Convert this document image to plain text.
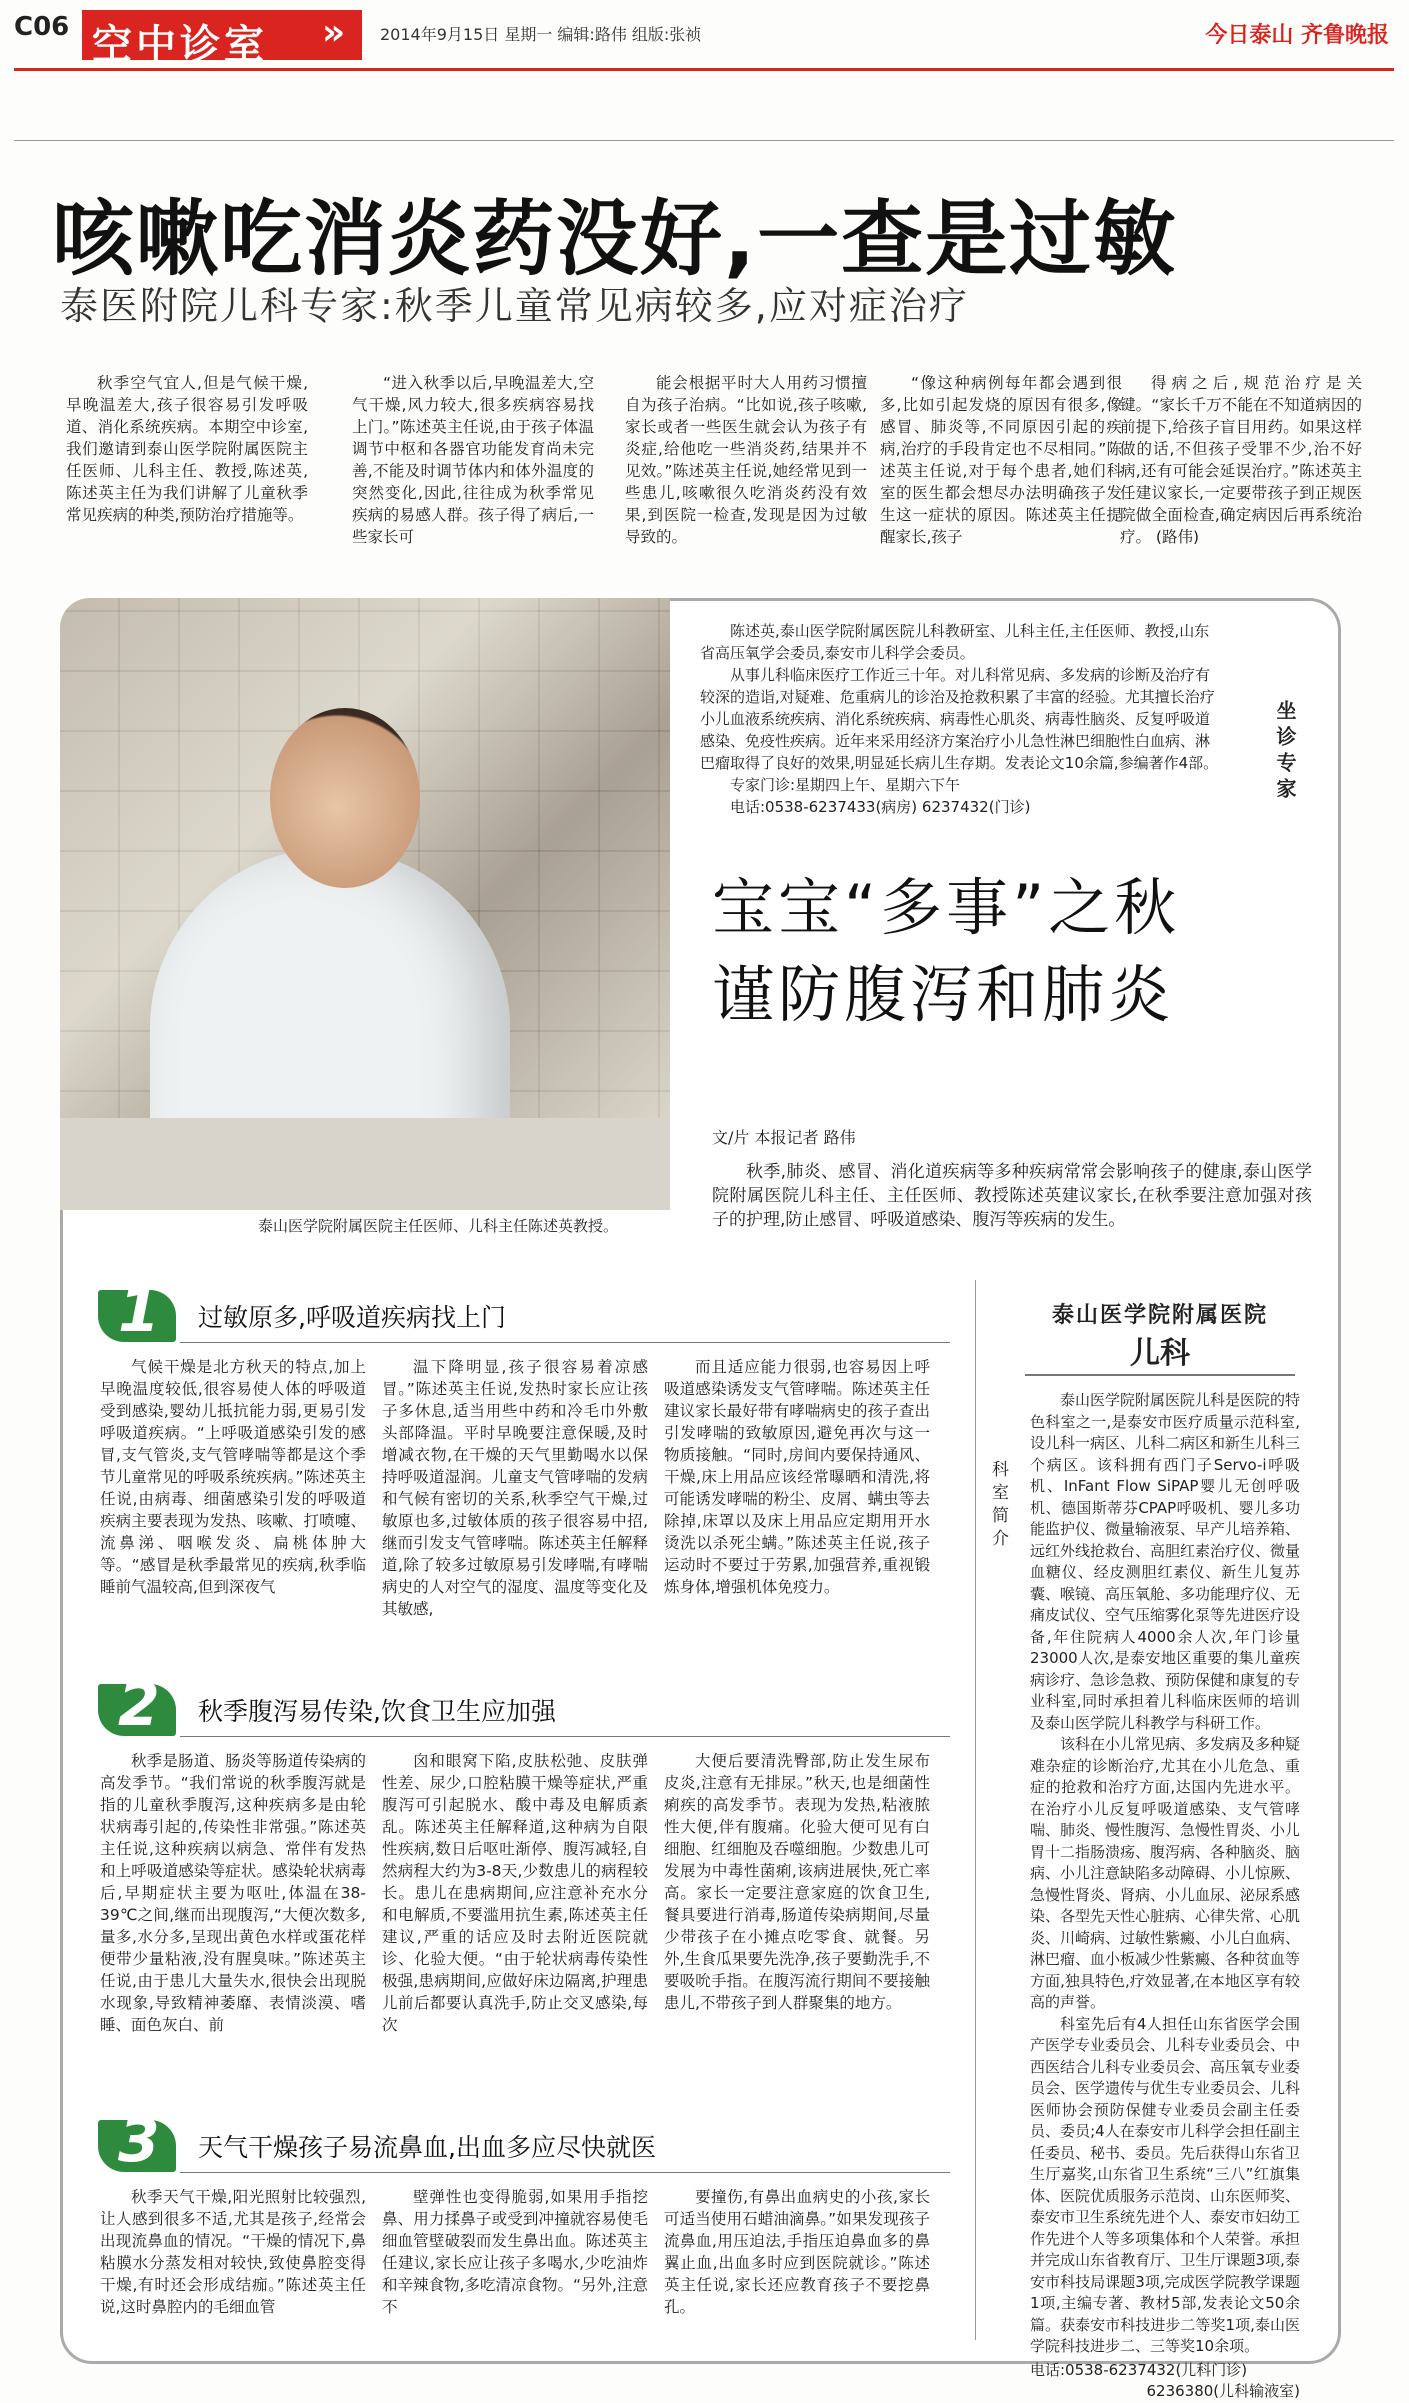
C06 空中诊室 » 2014年9月15日 星期一 编辑:路伟 组版:张祯	今日泰山 齐鲁晚报
咳嗽吃消炎药没好,一查是过敏
泰医附院儿科专家:秋季儿童常见病较多,应对症治疗

秋季空气宜人,但是气候干燥,早晚温差大,孩子很容易引发呼吸道、消化系统疾病。本期空中诊室,我们邀请到泰山医学院附属医院主任医师、儿科主任、教授,陈述英,陈述英主任为我们讲解了儿童秋季常见疾病的种类,预防治疗措施等。

“进入秋季以后,早晚温差大,空气干燥,风力较大,很多疾病容易找上门。”陈述英主任说,由于孩子体温调节中枢和各器官功能发育尚未完善,不能及时调节体内和体外温度的突然变化,因此,往往成为秋季常见疾病的易感人群。孩子得了病后,一些家长可

能会根据平时大人用药习惯擅自为孩子治病。“比如说,孩子咳嗽,家长或者一些医生就会认为孩子有炎症,给他吃一些消炎药,结果并不见效。”陈述英主任说,她经常见到一些患儿,咳嗽很久吃消炎药没有效果,到医院一检查,发现是因为过敏导致的。

“像这种病例每年都会遇到很多,比如引起发烧的原因有很多,像感冒、肺炎等,不同原因引起的疾病,治疗的手段肯定也不尽相同。”陈述英主任说,对于每个患者,她们科室的医生都会想尽办法明确孩子发生这一症状的原因。陈述英主任提醒家长,孩子

得病之后,规范治疗是关键。“家长千万不能在不知道病因的前提下,给孩子盲目用药。如果这样做的话,不但孩子受罪不少,治不好病,还有可能会延误治疗。”陈述英主任建议家长,一定要带孩子到正规医院做全面检查,确定病因后再系统治疗。 (路伟)

泰山医学院附属医院主任医师、儿科主任陈述英教授。

陈述英,泰山医学院附属医院儿科教研室、儿科主任,主任医师、教授,山东省高压氧学会委员,泰安市儿科学会委员。

从事儿科临床医疗工作近三十年。对儿科常见病、多发病的诊断及治疗有较深的造诣,对疑难、危重病儿的诊治及抢救积累了丰富的经验。尤其擅长治疗小儿血液系统疾病、消化系统疾病、病毒性心肌炎、病毒性脑炎、反复呼吸道感染、免疫性疾病。近年来采用经济方案治疗小儿急性淋巴细胞性白血病、淋巴瘤取得了良好的效果,明显延长病儿生存期。发表论文10余篇,参编著作4部。

专家门诊:星期四上午、星期六下午

电话:0538-6237433(病房) 6237432(门诊)

坐诊专家
宝宝“多事”之秋
谨防腹泻和肺炎
文/片 本报记者 路伟
秋季,肺炎、感冒、消化道疾病等多种疾病常常会影响孩子的健康,泰山医学院附属医院儿科主任、主任医师、教授陈述英建议家长,在秋季要注意加强对孩子的护理,防止感冒、呼吸道感染、腹泻等疾病的发生。
1 过敏原多,呼吸道疾病找上门

气候干燥是北方秋天的特点,加上早晚温度较低,很容易使人体的呼吸道受到感染,婴幼儿抵抗能力弱,更易引发呼吸道疾病。“上呼吸道感染引发的感冒,支气管炎,支气管哮喘等都是这个季节儿童常见的呼吸系统疾病。”陈述英主任说,由病毒、细菌感染引发的呼吸道疾病主要表现为发热、咳嗽、打喷嚏、流鼻涕、咽喉发炎、扁桃体肿大等。“感冒是秋季最常见的疾病,秋季临睡前气温较高,但到深夜气

温下降明显,孩子很容易着凉感冒。”陈述英主任说,发热时家长应让孩子多休息,适当用些中药和冷毛巾外敷头部降温。平时早晚要注意保暖,及时增减衣物,在干燥的天气里勤喝水以保持呼吸道湿润。儿童支气管哮喘的发病和气候有密切的关系,秋季空气干燥,过敏原也多,过敏体质的孩子很容易中招,继而引发支气管哮喘。陈述英主任解释道,除了较多过敏原易引发哮喘,有哮喘病史的人对空气的湿度、温度等变化及其敏感,

而且适应能力很弱,也容易因上呼吸道感染诱发支气管哮喘。陈述英主任建议家长最好带有哮喘病史的孩子查出引发哮喘的致敏原因,避免再次与这一物质接触。“同时,房间内要保持通风、干燥,床上用品应该经常曝晒和清洗,将可能诱发哮喘的粉尘、皮屑、螨虫等去除掉,床罩以及床上用品应定期用开水烫洗以杀死尘螨。”陈述英主任说,孩子运动时不要过于劳累,加强营养,重视锻炼身体,增强机体免疫力。

2 秋季腹泻易传染,饮食卫生应加强

秋季是肠道、肠炎等肠道传染病的高发季节。“我们常说的秋季腹泻就是指的儿童秋季腹泻,这种疾病多是由轮状病毒引起的,传染性非常强。”陈述英主任说,这种疾病以病急、常伴有发热和上呼吸道感染等症状。感染轮状病毒后,早期症状主要为呕吐,体温在38-39℃之间,继而出现腹泻,“大便次数多,量多,水分多,呈现出黄色水样或蛋花样便带少量粘液,没有腥臭味。”陈述英主任说,由于患儿大量失水,很快会出现脱水现象,导致精神萎靡、表情淡漠、嗜睡、面色灰白、前

囟和眼窝下陷,皮肤松弛、皮肤弹性差、尿少,口腔粘膜干燥等症状,严重腹泻可引起脱水、酸中毒及电解质紊乱。陈述英主任解释道,这种病为自限性疾病,数日后呕吐渐停、腹泻减轻,自然病程大约为3-8天,少数患儿的病程较长。患儿在患病期间,应注意补充水分和电解质,不要滥用抗生素,陈述英主任建议,严重的话应及时去附近医院就诊、化验大便。“由于轮状病毒传染性极强,患病期间,应做好床边隔离,护理患儿前后都要认真洗手,防止交叉感染,每次

大便后要清洗臀部,防止发生尿布皮炎,注意有无排尿。”秋天,也是细菌性痢疾的高发季节。表现为发热,粘液脓性大便,伴有腹痛。化验大便可见有白细胞、红细胞及吞噬细胞。少数患儿可发展为中毒性菌痢,该病进展快,死亡率高。家长一定要注意家庭的饮食卫生,餐具要进行消毒,肠道传染病期间,尽量少带孩子在小摊点吃零食、就餐。另外,生食瓜果要先洗净,孩子要勤洗手,不要吸吮手指。在腹泻流行期间不要接触患儿,不带孩子到人群聚集的地方。

3 天气干燥孩子易流鼻血,出血多应尽快就医

秋季天气干燥,阳光照射比较强烈,让人感到很多不适,尤其是孩子,经常会出现流鼻血的情况。“干燥的情况下,鼻粘膜水分蒸发相对较快,致使鼻腔变得干燥,有时还会形成结痂。”陈述英主任说,这时鼻腔内的毛细血管

壁弹性也变得脆弱,如果用手指挖鼻、用力揉鼻子或受到冲撞就容易使毛细血管壁破裂而发生鼻出血。陈述英主任建议,家长应让孩子多喝水,少吃油炸和辛辣食物,多吃清凉食物。“另外,注意不

要撞伤,有鼻出血病史的小孩,家长可适当使用石蜡油滴鼻。”如果发现孩子流鼻血,用压迫法,手指压迫鼻血多的鼻翼止血,出血多时应到医院就诊。”陈述英主任说,家长还应教育孩子不要挖鼻孔。

泰山医学院附属医院
儿科
科室简介

泰山医学院附属医院儿科是医院的特色科室之一,是泰安市医疗质量示范科室,设儿科一病区、儿科二病区和新生儿科三个病区。该科拥有西门子Servo-i呼吸机、InFant Flow SiPAP婴儿无创呼吸机、德国斯蒂芬CPAP呼吸机、婴儿多功能监护仪、微量输液泵、早产儿培养箱、远红外线抢救台、高胆红素治疗仪、微量血糖仪、经皮测胆红素仪、新生儿复苏囊、喉镜、高压氧舱、多功能理疗仪、无痛皮试仪、空气压缩雾化泵等先进医疗设备,年住院病人4000余人次,年门诊量23000人次,是泰安地区重要的集儿童疾病诊疗、急诊急救、预防保健和康复的专业科室,同时承担着儿科临床医师的培训及泰山医学院儿科教学与科研工作。

该科在小儿常见病、多发病及多种疑难杂症的诊断治疗,尤其在小儿危急、重症的抢救和治疗方面,达国内先进水平。在治疗小儿反复呼吸道感染、支气管哮喘、肺炎、慢性腹泻、急慢性胃炎、小儿胃十二指肠溃疡、腹泻病、各种脑炎、脑病、小儿注意缺陷多动障碍、小儿惊厥、急慢性肾炎、肾病、小儿血尿、泌尿系感染、各型先天性心脏病、心律失常、心肌炎、川崎病、过敏性紫癜、小儿白血病、淋巴瘤、血小板减少性紫癜、各种贫血等方面,独具特色,疗效显著,在本地区享有较高的声誉。

科室先后有4人担任山东省医学会围产医学专业委员会、儿科专业委员会、中西医结合儿科专业委员会、高压氧专业委员会、医学遗传与优生专业委员会、儿科医师协会预防保健专业委员会副主任委员、委员;4人在泰安市儿科学会担任副主任委员、秘书、委员。先后获得山东省卫生厅嘉奖,山东省卫生系统“三八”红旗集体、医院优质服务示范岗、山东医师奖、泰安市卫生系统先进个人、泰安市妇幼工作先进个人等多项集体和个人荣誉。承担并完成山东省教育厅、卫生厅课题3项,泰安市科技局课题3项,完成医学院教学课题1项,主编专著、教材5部,发表论文50余篇。获泰安市科技进步二等奖1项,泰山医学院科技进步二、三等奖10余项。

电话:0538-6237432(儿科门诊)

6236380(儿科输液室)
